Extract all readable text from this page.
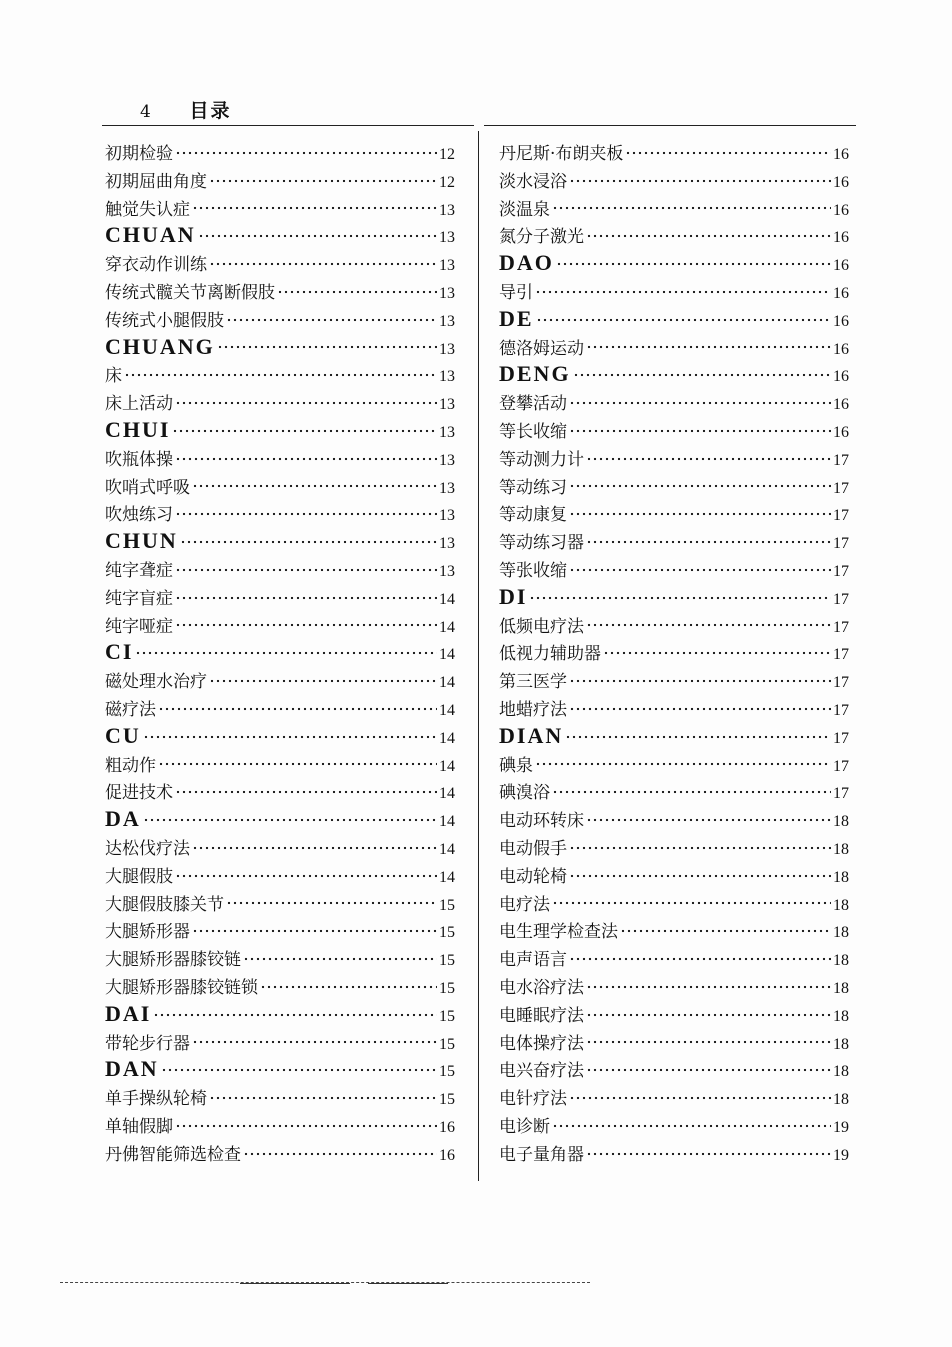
4 目录
初期检验	12
初期屈曲角度	12
触觉失认症	13
CHUAN	13
穿衣动作训练	13
传统式髋关节离断假肢	13
传统式小腿假肢	13
CHUANG	13
床	13
床上活动	13
CHUI	13
吹瓶体操	13
吹哨式呼吸	13
吹烛练习	13
CHUN	13
纯字聋症	13
纯字盲症	14
纯字哑症	14
CI	14
磁处理水治疗	14
磁疗法	14
CU	14
粗动作	14
促进技术	14
DA	14
达松伐疗法	14
大腿假肢	14
大腿假肢膝关节	15
大腿矫形器	15
大腿矫形器膝铰链	15
大腿矫形器膝铰链锁	15
DAI	15
带轮步行器	15
DAN	15
单手操纵轮椅	15
单轴假脚	16
丹佛智能筛选检查	16
丹尼斯·布朗夹板	16
淡水浸浴	16
淡温泉	16
氮分子激光	16
DAO	16
导引	16
DE	16
德洛姆运动	16
DENG	16
登攀活动	16
等长收缩	16
等动测力计	17
等动练习	17
等动康复	17
等动练习器	17
等张收缩	17
DI	17
低频电疗法	17
低视力辅助器	17
第三医学	17
地蜡疗法	17
DIAN	17
碘泉	17
碘溴浴	17
电动环转床	18
电动假手	18
电动轮椅	18
电疗法	18
电生理学检查法	18
电声语言	18
电水浴疗法	18
电睡眠疗法	18
电体操疗法	18
电兴奋疗法	18
电针疗法	18
电诊断	19
电子量角器	19
